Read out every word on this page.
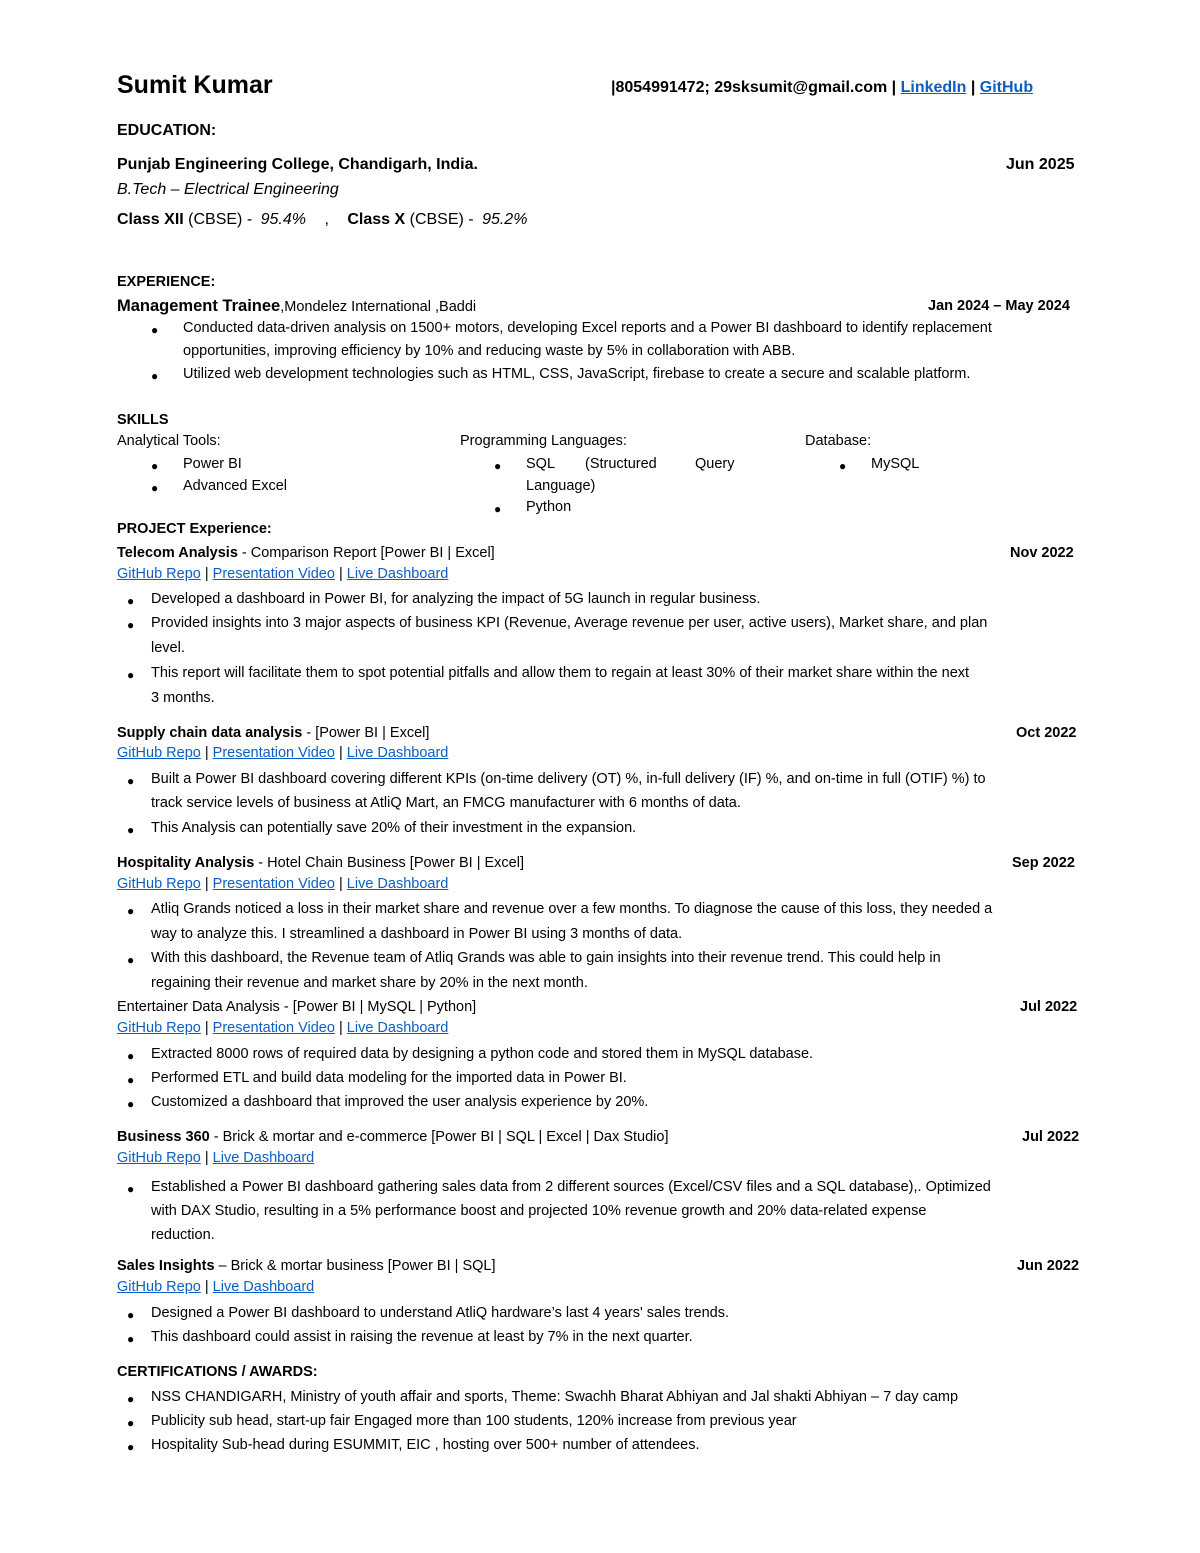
Sumit Kumar	|8054991472; 29sksumit@gmail.com | LinkedIn | GitHub
EDUCATION:
Punjab Engineering College, Chandigarh, India.	Jun 2025
B.Tech – Electrical Engineering
Class XII (CBSE) - 95.4% , Class X (CBSE) - 95.2%
EXPERIENCE:
Management Trainee,Mondelez International ,Baddi	Jan 2024 – May 2024
● Conducted data-driven analysis on 1500+ motors, developing Excel reports and a Power BI dashboard to identify replacement
opportunities, improving efficiency by 10% and reducing waste by 5% in collaboration with ABB.
● Utilized web development technologies such as HTML, CSS, JavaScript, firebase to create a secure and scalable platform.
SKILLS
Analytical Tools:
● Power BI
● Advanced Excel
Programming Languages:
● SQL (Structured	Query
Language)
● Python
Database:
● MySQL
PROJECT Experience:
Telecom Analysis - Comparison Report [Power BI | Excel]	Nov 2022
GitHub Repo | Presentation Video | Live Dashboard
● Developed a dashboard in Power BI, for analyzing the impact of 5G launch in regular business.
● Provided insights into 3 major aspects of business KPI (Revenue, Average revenue per user, active users), Market share, and plan
level.
● This report will facilitate them to spot potential pitfalls and allow them to regain at least 30% of their market share within the next
3 months.
Supply chain data analysis - [Power BI | Excel]	Oct 2022
GitHub Repo | Presentation Video | Live Dashboard
● Built a Power BI dashboard covering different KPIs (on-time delivery (OT) %, in-full delivery (IF) %, and on-time in full (OTIF) %) to
track service levels of business at AtliQ Mart, an FMCG manufacturer with 6 months of data.
● This Analysis can potentially save 20% of their investment in the expansion.
Hospitality Analysis - Hotel Chain Business [Power BI | Excel]	Sep 2022
GitHub Repo | Presentation Video | Live Dashboard
● Atliq Grands noticed a loss in their market share and revenue over a few months. To diagnose the cause of this loss, they needed a
way to analyze this. I streamlined a dashboard in Power BI using 3 months of data.
● With this dashboard, the Revenue team of Atliq Grands was able to gain insights into their revenue trend. This could help in
regaining their revenue and market share by 20% in the next month.
Entertainer Data Analysis - [Power BI | MySQL | Python]	Jul 2022
GitHub Repo | Presentation Video | Live Dashboard
● Extracted 8000 rows of required data by designing a python code and stored them in MySQL database.
● Performed ETL and build data modeling for the imported data in Power BI.
● Customized a dashboard that improved the user analysis experience by 20%.
Business 360 - Brick & mortar and e-commerce [Power BI | SQL | Excel | Dax Studio]	Jul 2022
GitHub Repo | Live Dashboard
● Established a Power BI dashboard gathering sales data from 2 different sources (Excel/CSV files and a SQL database),. Optimized
with DAX Studio, resulting in a 5% performance boost and projected 10% revenue growth and 20% data-related expense
reduction.
Sales Insights – Brick & mortar business [Power BI | SQL]	Jun 2022
GitHub Repo | Live Dashboard
● Designed a Power BI dashboard to understand AtliQ hardware’s last 4 years' sales trends.
● This dashboard could assist in raising the revenue at least by 7% in the next quarter.
CERTIFICATIONS / AWARDS:
● NSS CHANDIGARH, Ministry of youth affair and sports, Theme: Swachh Bharat Abhiyan and Jal shakti Abhiyan – 7 day camp
● Publicity sub head, start-up fair Engaged more than 100 students, 120% increase from previous year
● Hospitality Sub-head during ESUMMIT, EIC , hosting over 500+ number of attendees.
